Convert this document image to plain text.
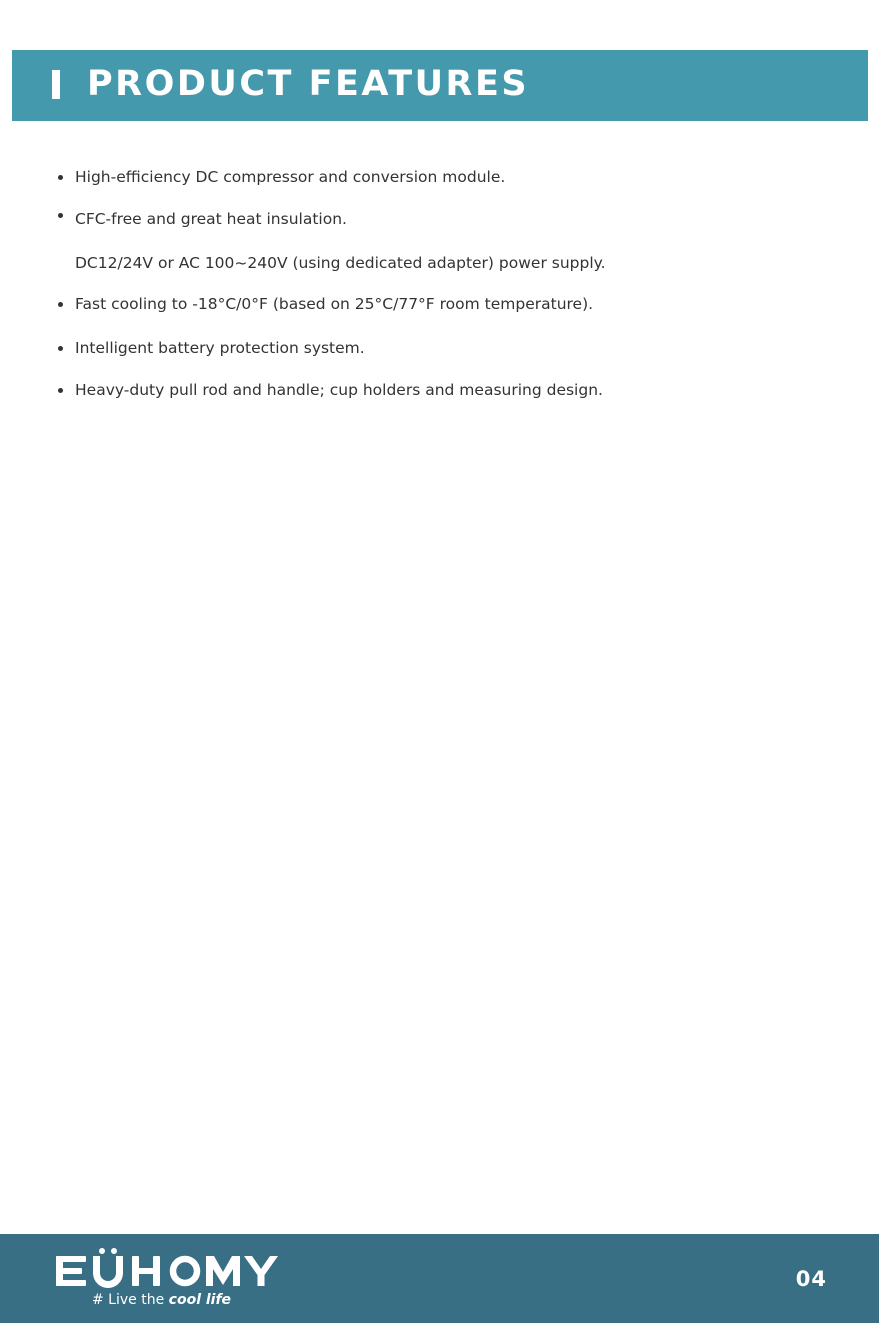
PRODUCT FEATURES
High-efficiency DC compressor and conversion module.
CFC-free and great heat insulation.
DC12/24V or AC 100~240V (using dedicated adapter) power supply.
Fast cooling to -18°C/0°F (based on 25°C/77°F room temperature).
Intelligent battery protection system.
Heavy-duty pull rod and handle; cup holders and measuring design.
# Live the cool life
04
